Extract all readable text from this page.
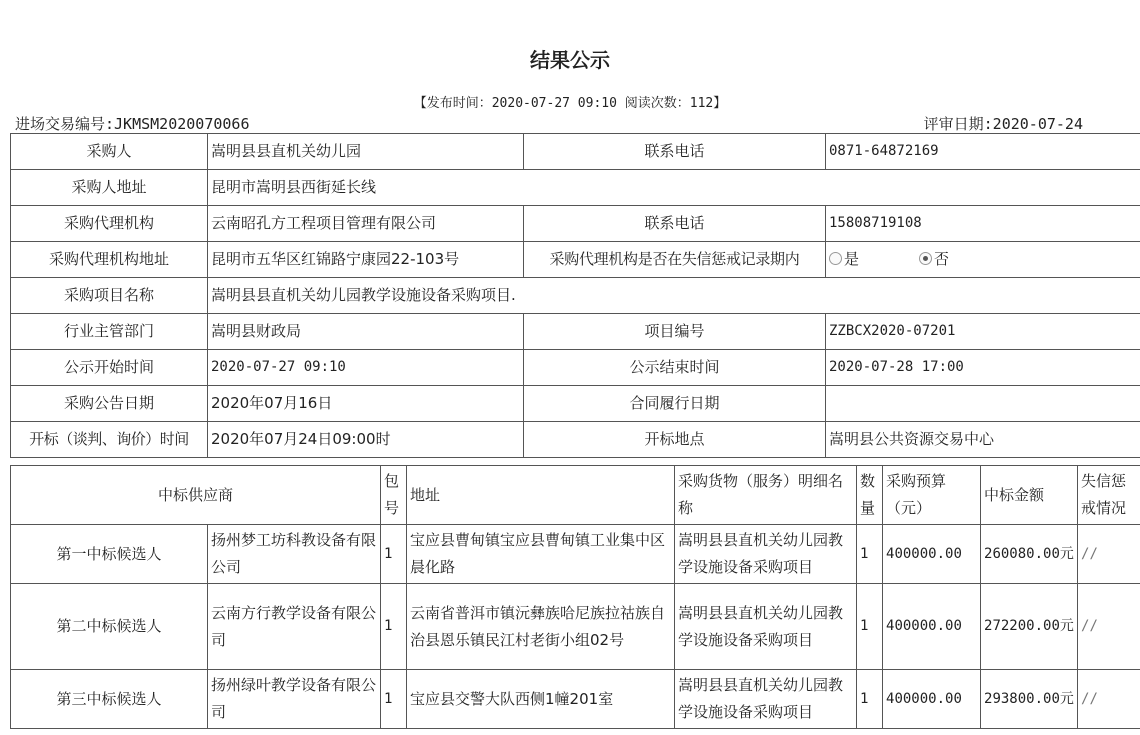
结果公示
【发布时间：2020-07-27 09:10 阅读次数：112】
进场交易编号:JKMSM2020070066	评审日期:2020-07-24
采购人	嵩明县县直机关幼儿园	联系电话	0871-64872169
采购人地址	昆明市嵩明县西街延长线		
采购代理机构	云南昭孔方工程项目管理有限公司	联系电话	15808719108
采购代理机构地址	昆明市五华区红锦路宁康园22-103号	采购代理机构是否在失信惩戒记录期内	是 否
采购项目名称	嵩明县县直机关幼儿园教学设施设备采购项目.		
行业主管部门	嵩明县财政局	项目编号	ZZBCX2020-07201
公示开始时间	2020-07-27 09:10	公示结束时间	2020-07-28 17:00
采购公告日期	2020年07月16日	合同履行日期	
开标（谈判、询价）时间	2020年07月24日09:00时	开标地点	嵩明县公共资源交易中心
中标供应商		包号	地址	采购货物（服务）明细名称	数量	采购预算（元）	中标金额	失信惩戒情况
第一中标候选人	扬州梦工坊科教设备有限公司	1	宝应县曹甸镇宝应县曹甸镇工业集中区晨化路	嵩明县县直机关幼儿园教学设施设备采购项目	1	400000.00	260080.00元	//
第二中标候选人	云南方行教学设备有限公司	1	云南省普洱市镇沅彝族哈尼族拉祜族自治县恩乐镇民江村老街小组02号	嵩明县县直机关幼儿园教学设施设备采购项目	1	400000.00	272200.00元	//
第三中标候选人	扬州绿叶教学设备有限公司	1	宝应县交警大队西侧1幢201室	嵩明县县直机关幼儿园教学设施设备采购项目	1	400000.00	293800.00元	//
